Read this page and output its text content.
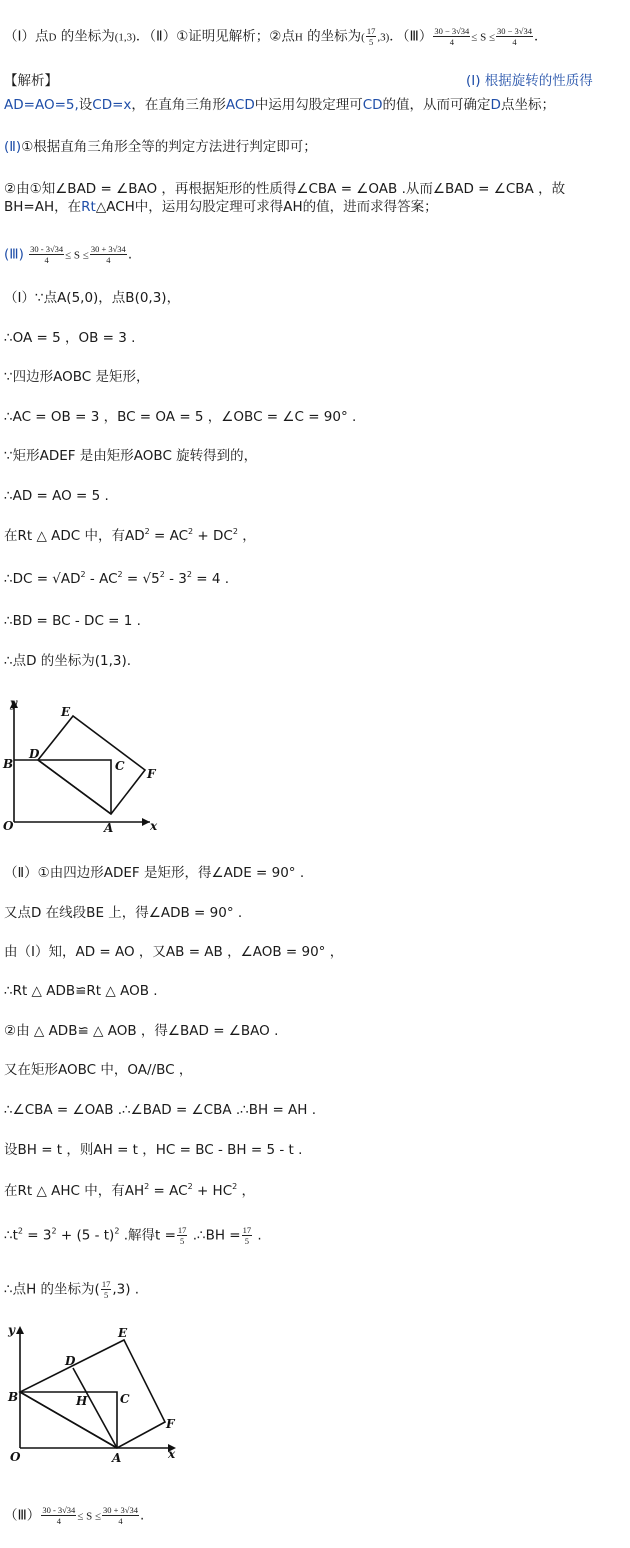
（Ⅰ）点D 的坐标为(1,3)．（Ⅱ）①证明见解析；②点H 的坐标为( $\frac{17}{5} ,3$)．（Ⅲ） $\frac{30 - 3√34}{4} \le S \le \frac{30 - 3√34}{4}$ ．
【解析】	(Ⅰ) 根据旋转的性质得
AD=AO=5,设CD=x，在直角三角形ACD中运用勾股定理可CD的值，从而可确定D点坐标；
(Ⅱ)①根据直角三角形全等的判定方法进行判定即可；
②由①知∠BAD = ∠BAO ，再根据矩形的性质得∠CBA = ∠OAB .从而∠BAD = ∠CBA ，故
BH=AH，在Rt△ACH中，运用勾股定理可求得AH的值，进而求得答案；
(Ⅲ) $\frac{30 - 3√34}{4} \le S \le \frac{30 + 3√34}{4}$ .
（Ⅰ）∵点A(5,0)，点B(0,3)，
∴OA = 5 ，OB = 3 .
∵四边形AOBC 是矩形，
∴AC = OB = 3 ，BC = OA = 5 ，∠OBC = ∠C = 90° .
∵矩形ADEF 是由矩形AOBC 旋转得到的，
∴AD = AO = 5 .
在Rt △ ADC 中，有$AD^2 = AC^2 + DC^2$ ，
∴DC = $√AD^2 - AC^2 = √5^2 - 3^2 = 4$ .
∴BD = BC - DC = 1 .
∴点D 的坐标为(1,3).
y
E
D
B	C
F
O	A	x
（Ⅱ）①由四边形ADEF 是矩形，得∠ADE = 90° .
又点D 在线段BE 上，得∠ADB = 90° .
由（Ⅰ）知，AD = AO ，又AB = AB ，∠AOB = 90° ，
∴Rt △ ADB≌Rt △ AOB .
②由 △ ADB≌ △ AOB ，得∠BAD = ∠BAO .
又在矩形AOBC 中，OA//BC ，
∴∠CBA = ∠OAB .∴∠BAD = ∠CBA .∴BH = AH .
设BH = t ，则AH = t ，HC = BC - BH = 5 - t .
在Rt △ AHC 中，有$AH^2 = AC^2 + HC^2$ ，
$\therefore t^2 = 3^2 + (5 - t)^2$ .解得$t = \frac{17}{5}$ .∴BH = $\frac{17}{5}$ .
∴点H 的坐标为( $\frac{17}{5} ,3$) .
y	E
D
B	H	C
F
O	A	x
（Ⅲ） $\frac{30 - 3√34}{4} \le S \le \frac{30 + 3√34}{4}$ .
